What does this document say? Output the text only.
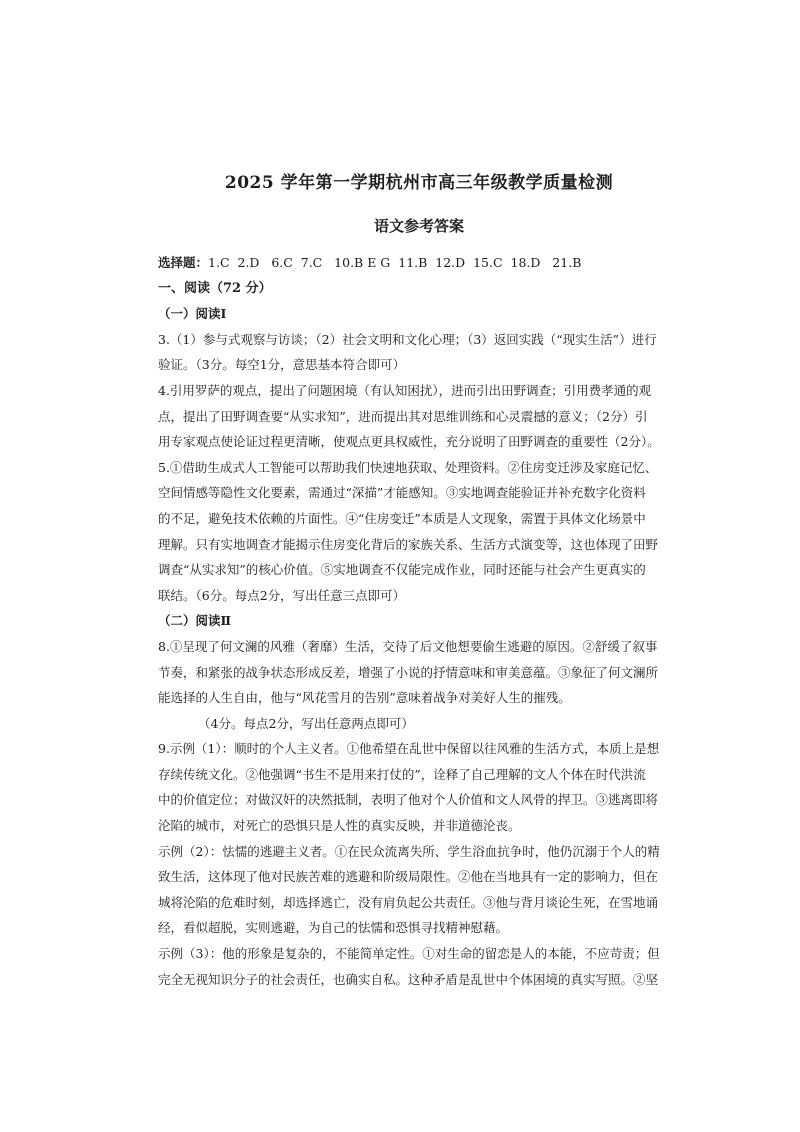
2025 学年第一学期杭州市高三年级教学质量检测
语文参考答案
选择题：1.C  2.D   6.C  7.C   10.B E G  11.B  12.D  15.C  18.D   21.B
一、阅读（72 分）
（一）阅读Ⅰ
3.（1）参与式观察与访谈；（2）社会文明和文化心理；（3）返回实践（“现实生活”）进行
验证。（3分。每空1分，意思基本符合即可）
4.引用罗萨的观点，提出了问题困境（有认知困扰），进而引出田野调查；引用费孝通的观
点，提出了田野调查要“从实求知”，进而提出其对思维训练和心灵震撼的意义；（2分）引
用专家观点使论证过程更清晰，使观点更具权威性，充分说明了田野调查的重要性（2分）。
5.①借助生成式人工智能可以帮助我们快速地获取、处理资料。②住房变迁涉及家庭记忆、
空间情感等隐性文化要素，需通过“深描”才能感知。③实地调查能验证并补充数字化资料
的不足，避免技术依赖的片面性。④“住房变迁”本质是人文现象，需置于具体文化场景中
理解。只有实地调查才能揭示住房变化背后的家族关系、生活方式演变等，这也体现了田野
调查“从实求知”的核心价值。⑤实地调查不仅能完成作业，同时还能与社会产生更真实的
联结。（6分。每点2分，写出任意三点即可）
（二）阅读Ⅱ
8.①呈现了何文澜的风雅（奢靡）生活，交待了后文他想要偷生逃避的原因。②舒缓了叙事
节奏，和紧张的战争状态形成反差，增强了小说的抒情意味和审美意蕴。③象征了何文澜所
能选择的人生自由，他与“风花雪月的告别”意味着战争对美好人生的摧残。
（4分。每点2分，写出任意两点即可）
9.示例（1）：顺时的个人主义者。①他希望在乱世中保留以往风雅的生活方式，本质上是想
存续传统文化。②他强调“书生不是用来打仗的”，诠释了自己理解的文人个体在时代洪流
中的价值定位；对做汉奸的决然抵制，表明了他对个人价值和文人风骨的捍卫。③逃离即将
沦陷的城市，对死亡的恐惧只是人性的真实反映，并非道德沦丧。
示例（2）：怯懦的逃避主义者。①在民众流离失所、学生浴血抗争时，他仍沉溺于个人的精
致生活，这体现了他对民族苦难的逃避和阶级局限性。②他在当地具有一定的影响力，但在
城将沦陷的危难时刻，却选择逃亡，没有肩负起公共责任。③他与背月谈论生死，在雪地诵
经，看似超脱，实则逃避，为自己的怯懦和恐惧寻找精神慰藉。
示例（3）：他的形象是复杂的，不能简单定性。①对生命的留恋是人的本能，不应苛责；但
完全无视知识分子的社会责任，也确实自私。这种矛盾是乱世中个体困境的真实写照。②坚
